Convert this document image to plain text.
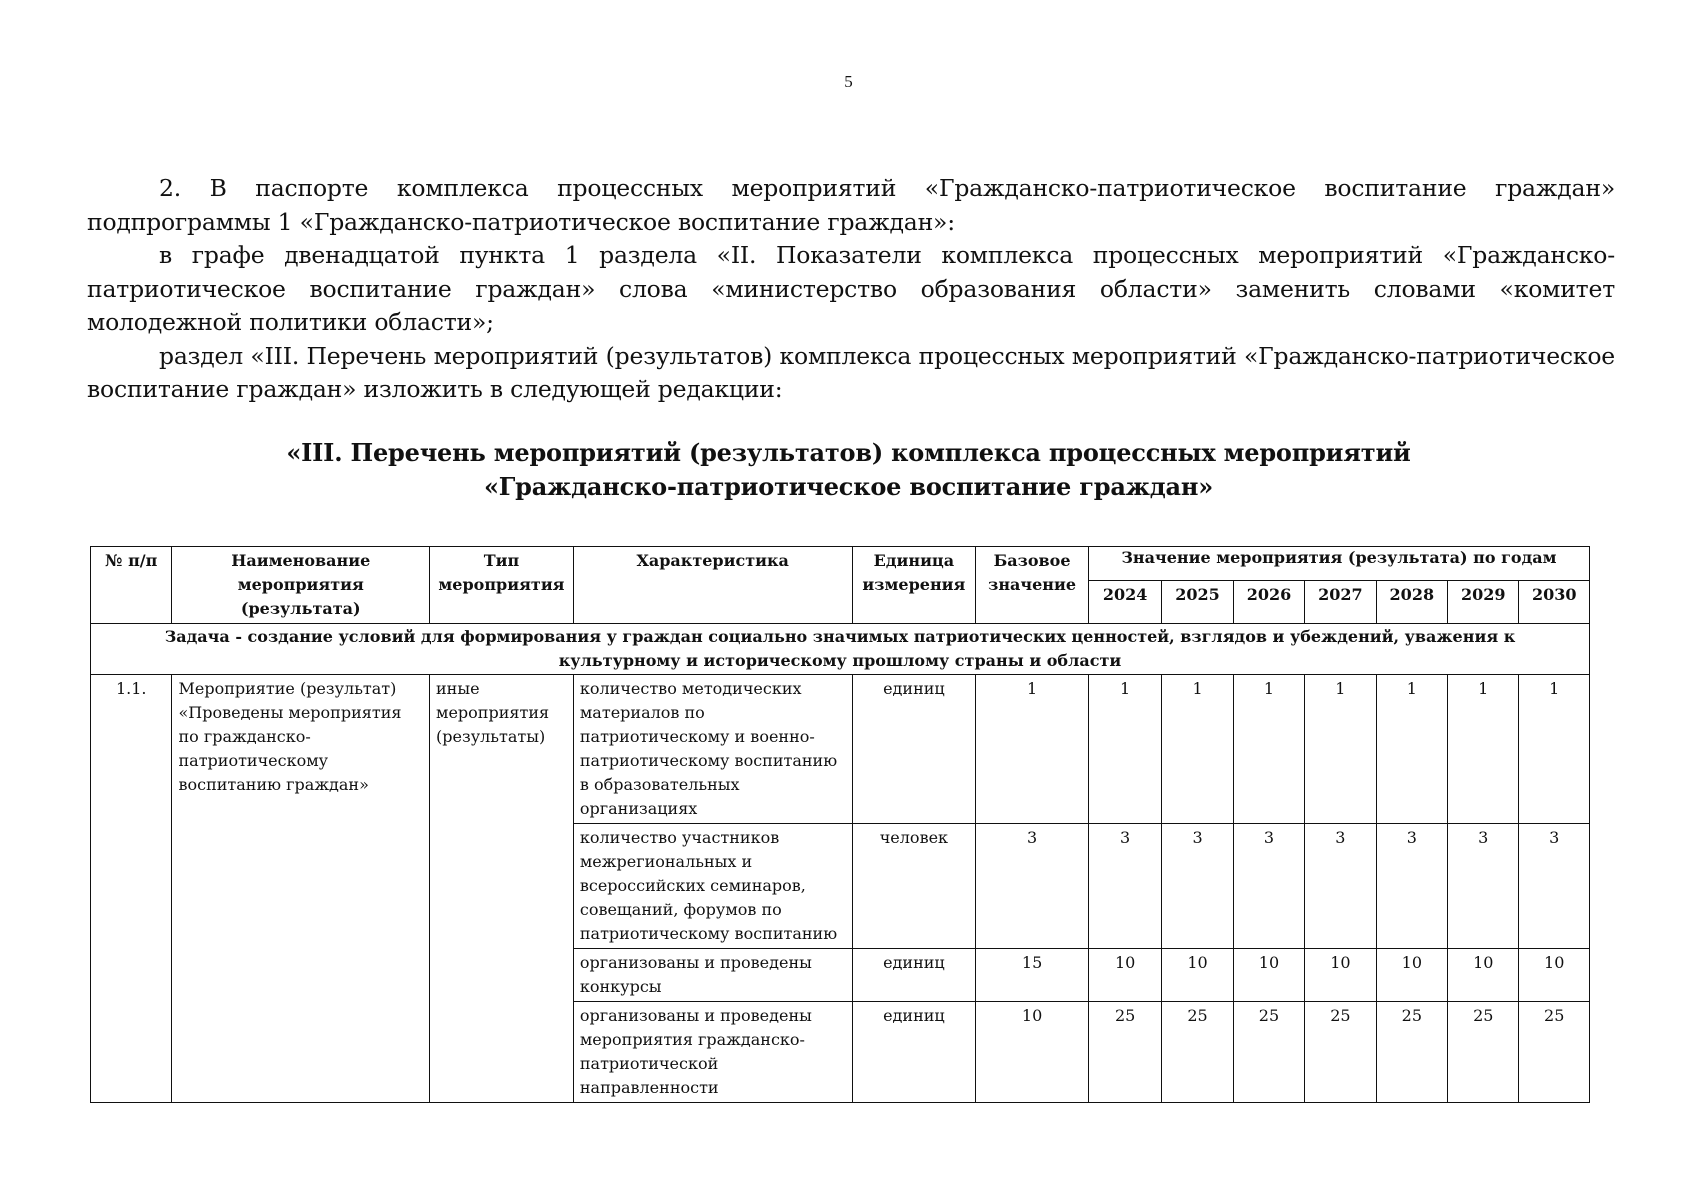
5

2. В паспорте комплекса процессных мероприятий «Гражданско-патриотическое воспитание граждан» подпрограммы 1 «Гражданско-патриотическое воспитание граждан»:

в графе двенадцатой пункта 1 раздела «II. Показатели комплекса процессных мероприятий «Гражданско-патриотическое воспитание граждан» слова «министерство образования области» заменить словами «комитет молодежной политики области»;

раздел «III. Перечень мероприятий (результатов) комплекса процессных мероприятий «Гражданско-патриотическое воспитание граждан» изложить в следующей редакции:

«III. Перечень мероприятий (результатов) комплекса процессных мероприятий
«Гражданско-патриотическое воспитание граждан»
№ п/п	Наименование мероприятия (результата)	Тип мероприятия	Характеристика	Единица измерения	Базовое значение	Значение мероприятия (результата) по годам						
						2024	2025	2026	2027	2028	2029	2030
Задача - создание условий для формирования у граждан социально значимых патриотических ценностей, взглядов и убеждений, уважения к культурному и историческому прошлому страны и области												
1.1.	Мероприятие (результат) «Проведены мероприятия по гражданско-патриотическому воспитанию граждан»	иные мероприятия (результаты)	количество методических материалов по патриотическому и военно-патриотическому воспитанию в образовательных организациях	единиц	1	1	1	1	1	1	1	1
			количество участников межрегиональных и всероссийских семинаров, совещаний, форумов по патриотическому воспитанию	человек	3	3	3	3	3	3	3	3
			организованы и проведены конкурсы	единиц	15	10	10	10	10	10	10	10
			организованы и проведены мероприятия гражданско-патриотической направленности	единиц	10	25	25	25	25	25	25	25
